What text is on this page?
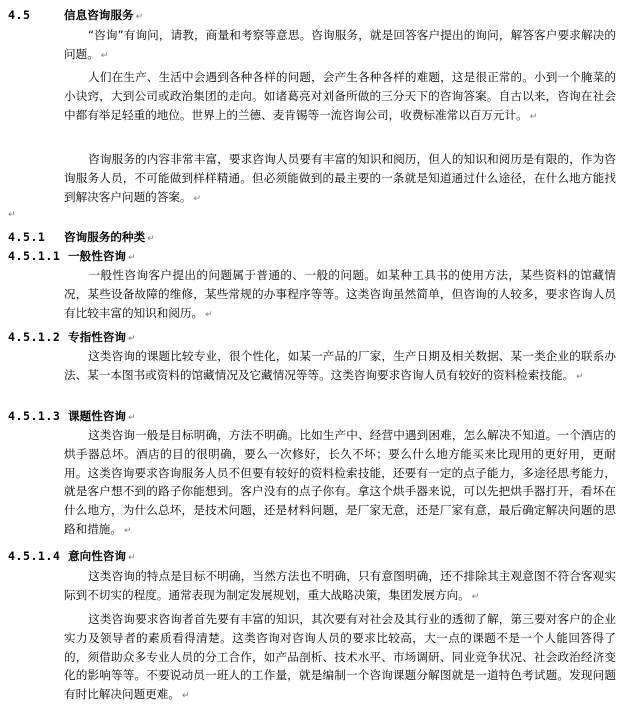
4.5	信息咨询服务 ↵
“咨询”有询问，请教，商量和考察等意思。咨询服务，就是回答客户提出的询问，解答客户要求解决的问题。 ↵
人们在生产、生活中会遇到各种各样的问题，会产生各种各样的难题，这是很正常的。小到一个腌菜的小诀窍，大到公司或政治集团的走向。如诸葛亮对刘备所做的三分天下的咨询答案。自古以来，咨询在社会中都有举足轻重的地位。世界上的兰德、麦肯锡等一流咨询公司，收费标准常以百万元计。 ↵
咨询服务的内容非常丰富，要求咨询人员要有丰富的知识和阅历，但人的知识和阅历是有限的，作为咨询服务人员，不可能做到样样精通。但必须能做到的最主要的一条就是知道通过什么途径，在什么地方能找到解决客户问题的答案。 ↵
↵
4.5.1 咨询服务的种类 ↵
4.5.1.1 一般性咨询 ↵
一般性咨询客户提出的问题属于普通的、一般的问题。如某种工具书的使用方法，某些资料的馆藏情况，某些设备故障的维修，某些常规的办事程序等等。这类咨询虽然简单，但咨询的人较多，要求咨询人员有比较丰富的知识和阅历。 ↵
4.5.1.2 专指性咨询 ↵
这类咨询的课题比较专业，很个性化，如某一产品的厂家，生产日期及相关数据、某一类企业的联系办法、某一本图书或资料的馆藏情况及它藏情况等等。这类咨询要求咨询人员有较好的资料检索技能。 ↵
4.5.1.3 课题性咨询 ↵
这类咨询一般是目标明确，方法不明确。比如生产中、经营中遇到困难，怎么解决不知道。一个酒店的烘手器总坏。酒店的目的很明确，要么一次修好，长久不坏；要么什么地方能买来比现用的更好用，更耐用。这类咨询要求咨询服务人员不但要有较好的资料检索技能，还要有一定的点子能力，多途径思考能力，就是客户想不到的路子你能想到。客户没有的点子你有。拿这个烘手器来说，可以先把烘手器打开，看坏在什么地方，为什么总坏，是技术问题，还是材料问题，是厂家无意，还是厂家有意，最后确定解决问题的思路和措施。 ↵
4.5.1.4 意向性咨询 ↵
这类咨询的特点是目标不明确，当然方法也不明确，只有意图明确，还不排除其主观意图不符合客观实际到不切实的程度。通常表现为制定发展规划，重大战略决策，集团发展方向。 ↵
这类咨询要求咨询者首先要有丰富的知识，其次要有对社会及其行业的透彻了解，第三要对客户的企业实力及领导者的素质看得清楚。这类咨询对咨询人员的要求比较高，大一点的课题不是一个人能回答得了的，须借助众多专业人员的分工合作，如产品剖析、技术水平、市场调研、同业竞争状况、社会政治经济变化的影响等等。不要说动员一班人的工作量，就是编制一个咨询课题分解图就是一道特色考试题。发现问题有时比解决问题更难。 ↵
